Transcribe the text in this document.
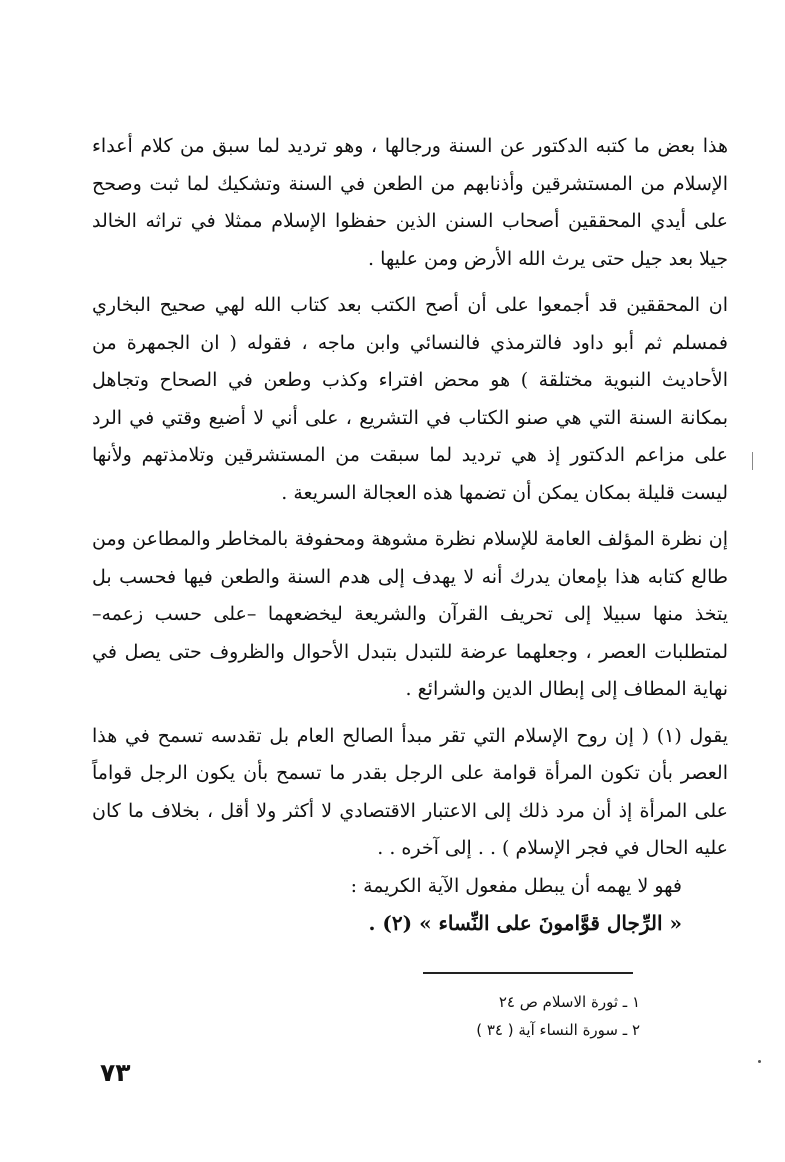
هذا بعض ما كتبه الدكتور عن السنة ورجالها ، وهو ترديد لما سبق من كلام أعداء الإسلام من المستشرقين وأذنابهم من الطعن في السنة وتشكيك لما ثبت وصحح على أيدي المحققين أصحاب السنن الذين حفظوا الإسلام ممثلا في تراثه الخالد جيلا بعد جيل حتى يرث الله الأرض ومن عليها .

ان المحققين قد أجمعوا على أن أصح الكتب بعد كتاب الله لهي صحيح البخاري فمسلم ثم أبو داود فالترمذي فالنسائي وابن ماجه ، فقوله ( ان الجمهرة من الأحاديث النبوية مختلقة ) هو محض افتراء وكذب وطعن في الصحاح وتجاهل بمكانة السنة التي هي صنو الكتاب في التشريع ، على أني لا أضيع وقتي في الرد على مزاعم الدكتور إذ هي ترديد لما سبقت من المستشرقين وتلامذتهم ولأنها ليست قليلة بمكان يمكن أن تضمها هذه العجالة السريعة .

إن نظرة المؤلف العامة للإسلام نظرة مشوهة ومحفوفة بالمخاطر والمطاعن ومن طالع كتابه هذا بإمعان يدرك أنه لا يهدف إلى هدم السنة والطعن فيها فحسب بل يتخذ منها سبيلا إلى تحريف القرآن والشريعة ليخضعهما –على حسب زعمه– لمتطلبات العصر ، وجعلهما عرضة للتبدل بتبدل الأحوال والظروف حتى يصل في نهاية المطاف إلى إبطال الدين والشرائع .

يقول (١) ( إن روح الإسلام التي تقر مبدأ الصالح العام بل تقدسه تسمح في هذا العصر بأن تكون المرأة قوامة على الرجل بقدر ما تسمح بأن يكون الرجل قواماً على المرأة إذ أن مرد ذلك إلى الاعتبار الاقتصادي لا أكثر ولا أقل ، بخلاف ما كان عليه الحال في فجر الإسلام ) . . إلى آخره . .

فهو لا يهمه أن يبطل مفعول الآية الكريمة :

« الرِّجال قوَّامونَ على النِّساء » (٢) .

١ ـ ثورة الاسلام ص ٢٤

٢ ـ سورة النساء آية ( ٣٤ )

٧٣
